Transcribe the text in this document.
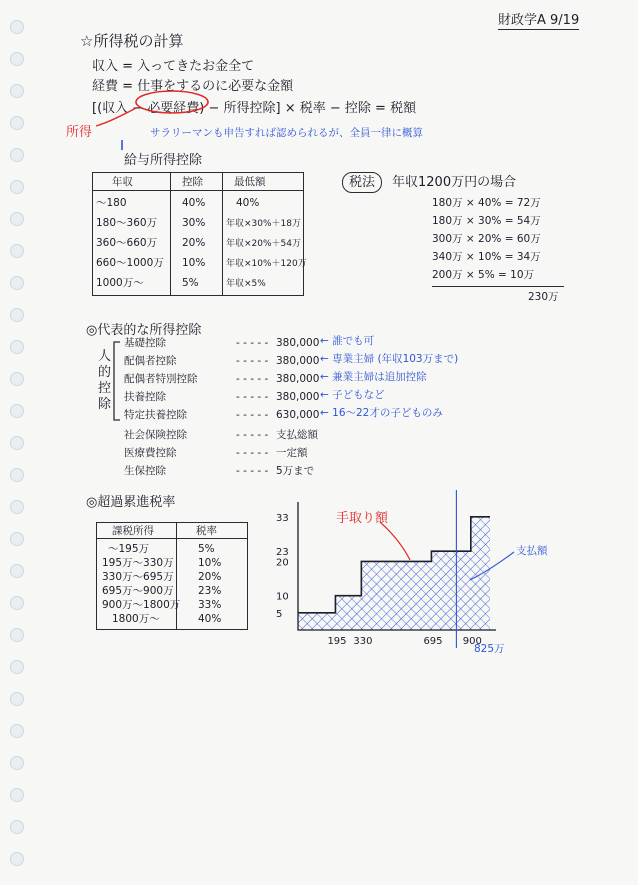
財政学A 9/19
☆所得税の計算
収入 = 入ってきたお金全て
経費 = 仕事をするのに必要な金額
[(収入 − 必要経費) − 所得控除] × 税率 − 控除 = 税額
所得	サラリーマンも申告すれば認められるが、全員一律に概算
給与所得控除
年収	控除	最低額
〜180	40%	40%
180〜360万 30% 年収×30%＋18万
360〜660万 20% 年収×20%＋54万
660〜1000万 10% 年収×10%＋120万
1000万〜	5%	年収×5%
税法	年収1200万円の場合
180万 × 40% = 72万
180万 × 30% = 54万
300万 × 20% = 60万
340万 × 10% = 34万
200万 × 5% = 10万
230万
◎代表的な所得控除
人
的
控
除
基礎控除	- - - - - 380,000 ← 誰でも可
配偶者控除	- - - - - 380,000 ← 専業主婦 (年収103万まで)
配偶者特別控除	- - - - - 380,000 ← 兼業主婦は追加控除
扶養控除	- - - - - 380,000 ← 子どもなど
特定扶養控除	- - - - - 630,000 ← 16〜22才の子どものみ
社会保険控除	- - - - - 支払総額
医療費控除	- - - - - 一定額
生保控除	- - - - - 5万まで
◎超過累進税率
課税所得	税率
〜195万	5%
195万〜330万 10%
330万〜695万 20%
695万〜900万 23%
900万〜1800万 33%
1800万〜	40%
33
23
20
10
5
195 330	695 900
手取り額
支払額
825万
